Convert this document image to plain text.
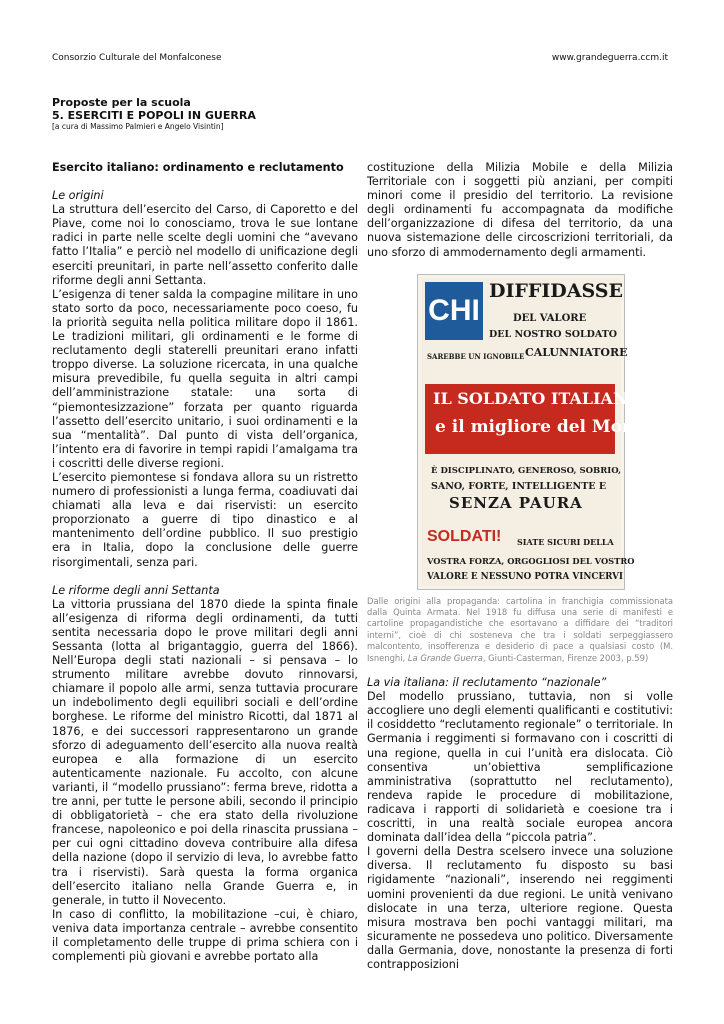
Consorzio Culturale del Monfalconese	www.grandeguerra.ccm.it
Proposte per la scuola
5. ESERCITI E POPOLI IN GUERRA
[a cura di Massimo Palmieri e Angelo Visintin]

Esercito italiano: ordinamento e reclutamento

Le origini

La struttura dell’esercito del Carso, di Caporetto e del Piave, come noi lo conosciamo, trova le sue lontane radici in parte nelle scelte degli uomini che “avevano fatto l’Italia” e perciò nel modello di unificazione degli eserciti preunitari, in parte nell’assetto conferito dalle riforme degli anni Settanta.

L’esigenza di tener salda la compagine militare in uno stato sorto da poco, necessariamente poco coeso, fu la priorità seguita nella politica militare dopo il 1861. Le tradizioni militari, gli ordinamenti e le forme di reclutamento degli staterelli preunitari erano infatti troppo diverse. La soluzione ricercata, in una qualche misura prevedibile, fu quella seguita in altri campi dell’amministrazione statale: una sorta di “piemontesizzazione” forzata per quanto riguarda l’assetto dell’esercito unitario, i suoi ordinamenti e la sua “mentalità”. Dal punto di vista dell’organica, l’intento era di favorire in tempi rapidi l’amalgama tra i coscritti delle diverse regioni.

L’esercito piemontese si fondava allora su un ristretto numero di professionisti a lunga ferma, coadiuvati dai chiamati alla leva e dai riservisti: un esercito proporzionato a guerre di tipo dinastico e al mantenimento dell’ordine pubblico. Il suo prestigio era in Italia, dopo la conclusione delle guerre risorgimentali, senza pari.

Le riforme degli anni Settanta

La vittoria prussiana del 1870 diede la spinta finale all’esigenza di riforma degli ordinamenti, da tutti sentita necessaria dopo le prove militari degli anni Sessanta (lotta al brigantaggio, guerra del 1866). Nell’Europa degli stati nazionali – si pensava – lo strumento militare avrebbe dovuto rinnovarsi, chiamare il popolo alle armi, senza tuttavia procurare un indebolimento degli equilibri sociali e dell’ordine borghese. Le riforme del ministro Ricotti, dal 1871 al 1876, e dei successori rappresentarono un grande sforzo di adeguamento dell’esercito alla nuova realtà europea e alla formazione di un esercito autenticamente nazionale. Fu accolto, con alcune varianti, il “modello prussiano”: ferma breve, ridotta a tre anni, per tutte le persone abili, secondo il principio di obbligatorietà – che era stato della rivoluzione francese, napoleonico e poi della rinascita prussiana – per cui ogni cittadino doveva contribuire alla difesa della nazione (dopo il servizio di leva, lo avrebbe fatto tra i riservisti). Sarà questa la forma organica dell’esercito italiano nella Grande Guerra e, in generale, in tutto il Novecento.

In caso di conflitto, la mobilitazione –cui, è chiaro, veniva data importanza centrale – avrebbe consentito il completamento delle truppe di prima schiera con i complementi più giovani e avrebbe portato alla

costituzione della Milizia Mobile e della Milizia Territoriale con i soggetti più anziani, per compiti minori come il presidio del territorio. La revisione degli ordinamenti fu accompagnata da modifiche dell’organizzazione di difesa del territorio, da una nuova sistemazione delle circoscrizioni territoriali, da uno sforzo di ammodernamento degli armamenti.

CHI
DIFFIDASSE
DEL VALORE
DEL NOSTRO SOLDATO
SAREBBE UN IGNOBILE CALUNNIATORE
IL SOLDATO ITALIANO
e il migliore del Mondo
È DISCIPLINATO, GENEROSO, SOBRIO,
SANO, FORTE, INTELLIGENTE E
SENZA PAURA
SOLDATI! SIATE SICURI DELLA
VOSTRA FORZA, ORGOGLIOSI DEL VOSTRO
VALORE E NESSUNO POTRA VINCERVI
Dalle origini alla propaganda: cartolina in franchigia commissionata dalla Quinta Armata. Nel 1918 fu diffusa una serie di manifesti e cartoline propagandistiche che esortavano a diffidare dei “traditori interni”, cioè di chi sosteneva che tra i soldati serpeggiassero malcontento, insofferenza e desiderio di pace a qualsiasi costo (M. Isnenghi, La Grande Guerra, Giunti-Casterman, Firenze 2003, p.59)

La via italiana: il reclutamento “nazionale”

Del modello prussiano, tuttavia, non si volle accogliere uno degli elementi qualificanti e costitutivi: il cosiddetto “reclutamento regionale” o territoriale. In Germania i reggimenti si formavano con i coscritti di una regione, quella in cui l’unità era dislocata. Ciò consentiva un’obiettiva semplificazione amministrativa (soprattutto nel reclutamento), rendeva rapide le procedure di mobilitazione, radicava i rapporti di solidarietà e coesione tra i coscritti, in una realtà sociale europea ancora dominata dall’idea della “piccola patria”.

I governi della Destra scelsero invece una soluzione diversa. Il reclutamento fu disposto su basi rigidamente “nazionali”, inserendo nei reggimenti uomini provenienti da due regioni. Le unità venivano dislocate in una terza, ulteriore regione. Questa misura mostrava ben pochi vantaggi militari, ma sicuramente ne possedeva uno politico. Diversamente dalla Germania, dove, nonostante la presenza di forti contrapposizioni
